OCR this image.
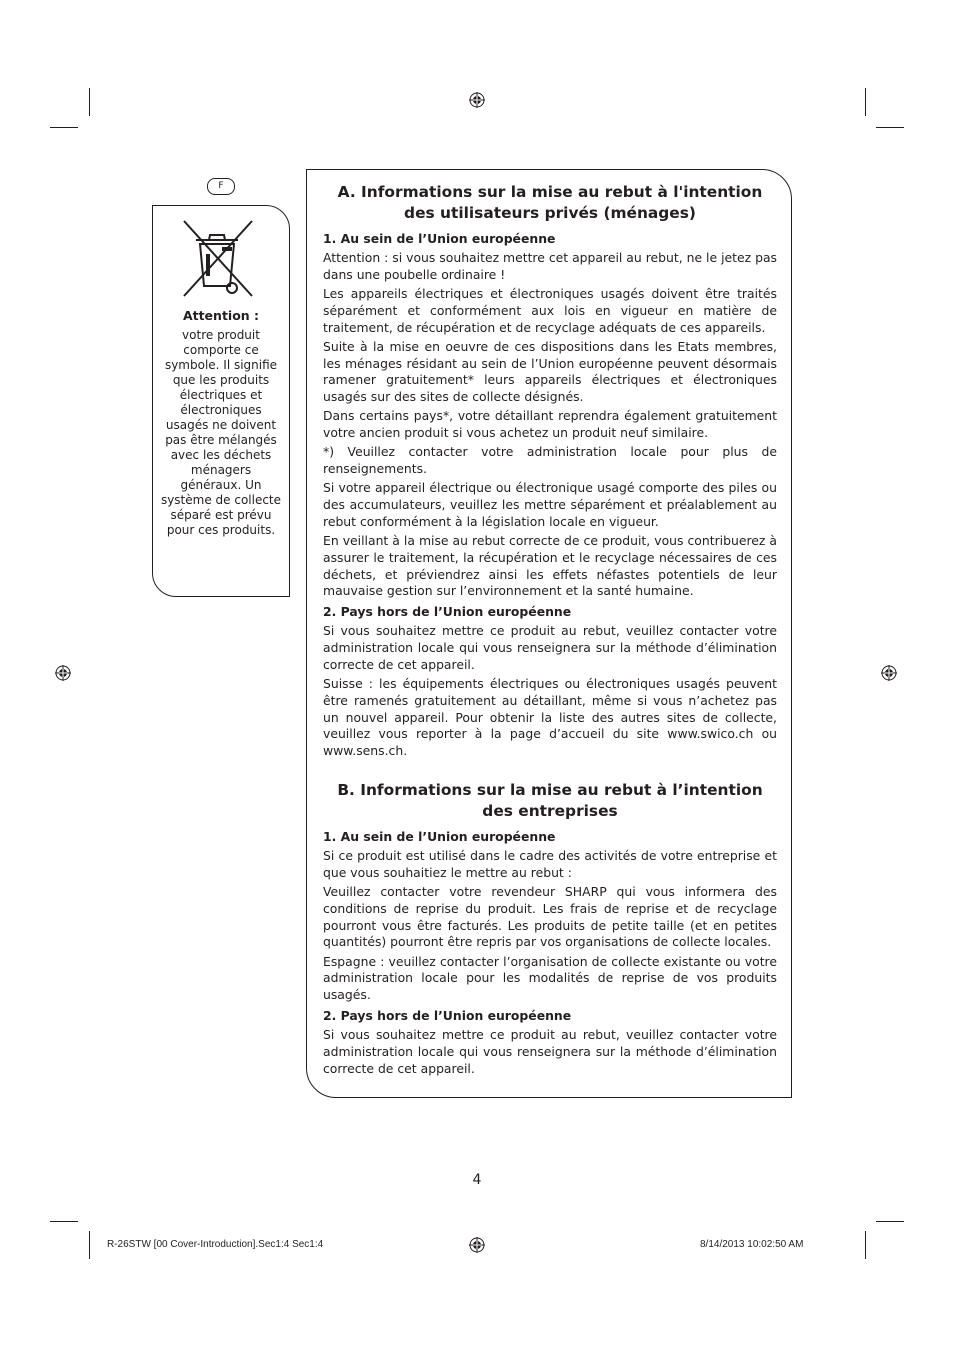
F
Attention :
votre produit comporte ce symbole. Il signifie que les produits électriques et électroniques usagés ne doivent pas être mélangés avec les déchets ménagers généraux. Un système de collecte séparé est prévu pour ces produits.
A. Informations sur la mise au rebut à l'intention
des utilisateurs privés (ménages)
1. Au sein de l’Union européenne
Attention : si vous souhaitez mettre cet appareil au rebut, ne le jetez pas dans une poubelle ordinaire !
Les appareils électriques et électroniques usagés doivent être traités séparément et conformément aux lois en vigueur en matière de traitement, de récupération et de recyclage adéquats de ces appareils.
Suite à la mise en oeuvre de ces dispositions dans les Etats membres, les ménages résidant au sein de l’Union européenne peuvent désormais ramener gratuitement* leurs appareils électriques et électroniques usagés sur des sites de collecte désignés.
Dans certains pays*, votre détaillant reprendra également gratuitement votre ancien produit si vous achetez un produit neuf similaire.
*) Veuillez contacter votre administration locale pour plus de renseignements.
Si votre appareil électrique ou électronique usagé comporte des piles ou des accumulateurs, veuillez les mettre séparément et préalablement au rebut conformément à la législation locale en vigueur.
En veillant à la mise au rebut correcte de ce produit, vous contribuerez à assurer le traitement, la récupération et le recyclage nécessaires de ces déchets, et préviendrez ainsi les effets néfastes potentiels de leur mauvaise gestion sur l’environnement et la santé humaine.
2. Pays hors de l’Union européenne
Si vous souhaitez mettre ce produit au rebut, veuillez contacter votre administration locale qui vous renseignera sur la méthode d’élimination correcte de cet appareil.
Suisse : les équipements électriques ou électroniques usagés peuvent être ramenés gratuitement au détaillant, même si vous n’achetez pas un nouvel appareil. Pour obtenir la liste des autres sites de collecte, veuillez vous reporter à la page d’accueil du site www.swico.ch ou www.sens.ch.
B. Informations sur la mise au rebut à l’intention
des entreprises
1. Au sein de l’Union européenne
Si ce produit est utilisé dans le cadre des activités de votre entreprise et que vous souhaitiez le mettre au rebut :
Veuillez contacter votre revendeur SHARP qui vous informera des conditions de reprise du produit. Les frais de reprise et de recyclage pourront vous être facturés. Les produits de petite taille (et en petites quantités) pourront être repris par vos organisations de collecte locales.
Espagne : veuillez contacter l’organisation de collecte existante ou votre administration locale pour les modalités de reprise de vos produits usagés.
2. Pays hors de l’Union européenne
Si vous souhaitez mettre ce produit au rebut, veuillez contacter votre administration locale qui vous renseignera sur la méthode d’élimination correcte de cet appareil.
4
R-26STW [00 Cover-Introduction].Sec1:4 Sec1:4	8/14/2013 10:02:50 AM
